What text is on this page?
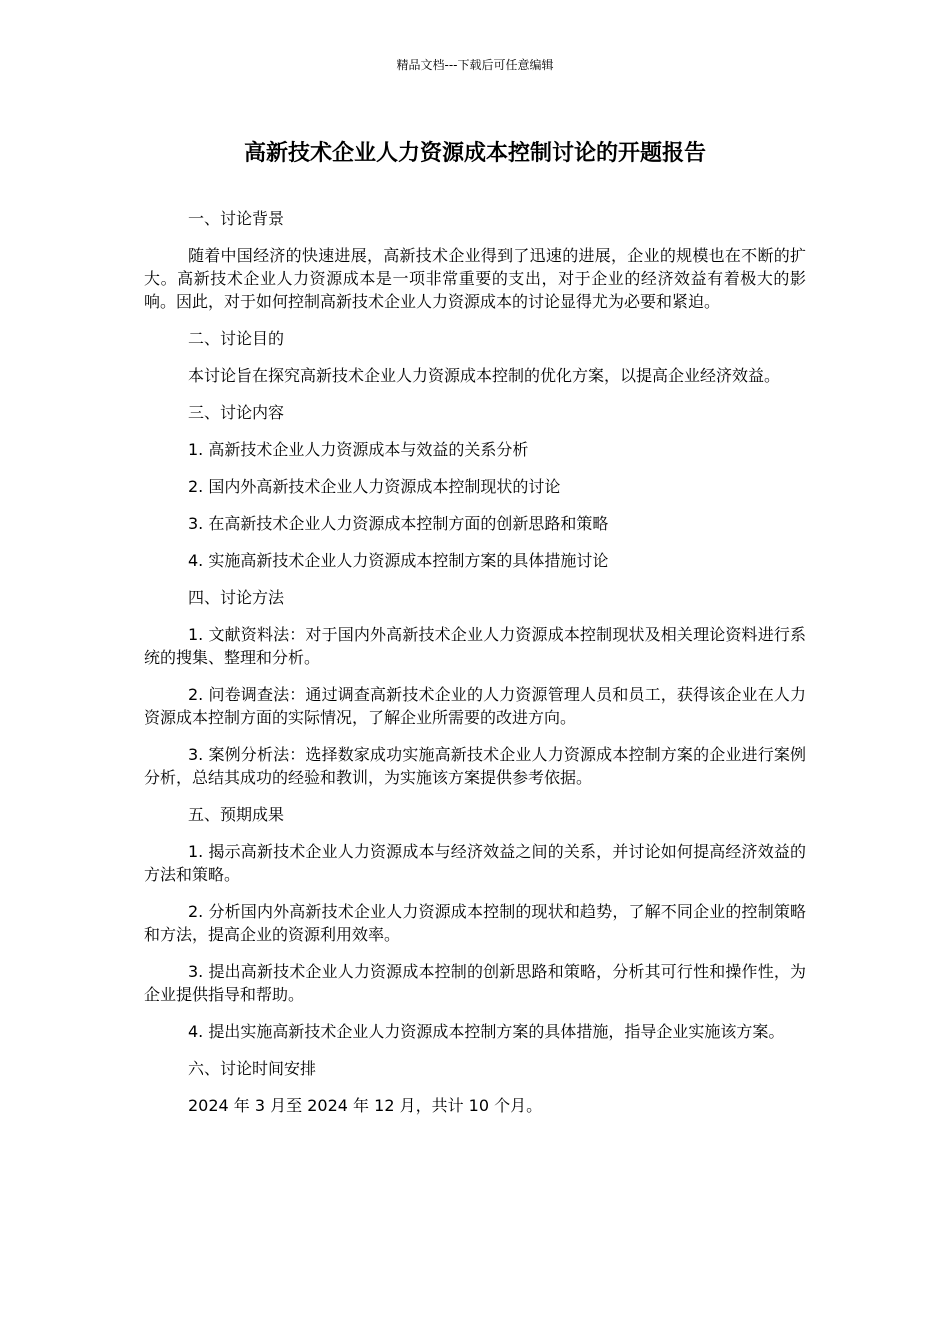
精品文档---下载后可任意编辑
高新技术企业人力资源成本控制讨论的开题报告

一、讨论背景

随着中国经济的快速进展，高新技术企业得到了迅速的进展，企业的规模也在不断的扩大。高新技术企业人力资源成本是一项非常重要的支出，对于企业的经济效益有着极大的影响。因此，对于如何控制高新技术企业人力资源成本的讨论显得尤为必要和紧迫。

二、讨论目的

本讨论旨在探究高新技术企业人力资源成本控制的优化方案，以提高企业经济效益。

三、讨论内容

1. 高新技术企业人力资源成本与效益的关系分析

2. 国内外高新技术企业人力资源成本控制现状的讨论

3. 在高新技术企业人力资源成本控制方面的创新思路和策略

4. 实施高新技术企业人力资源成本控制方案的具体措施讨论

四、讨论方法

1. 文献资料法：对于国内外高新技术企业人力资源成本控制现状及相关理论资料进行系统的搜集、整理和分析。

2. 问卷调查法：通过调查高新技术企业的人力资源管理人员和员工，获得该企业在人力资源成本控制方面的实际情况，了解企业所需要的改进方向。

3. 案例分析法：选择数家成功实施高新技术企业人力资源成本控制方案的企业进行案例分析，总结其成功的经验和教训，为实施该方案提供参考依据。

五、预期成果

1. 揭示高新技术企业人力资源成本与经济效益之间的关系，并讨论如何提高经济效益的方法和策略。

2. 分析国内外高新技术企业人力资源成本控制的现状和趋势，了解不同企业的控制策略和方法，提高企业的资源利用效率。

3. 提出高新技术企业人力资源成本控制的创新思路和策略，分析其可行性和操作性，为企业提供指导和帮助。

4. 提出实施高新技术企业人力资源成本控制方案的具体措施，指导企业实施该方案。

六、讨论时间安排

2024 年 3 月至 2024 年 12 月，共计 10 个月。
